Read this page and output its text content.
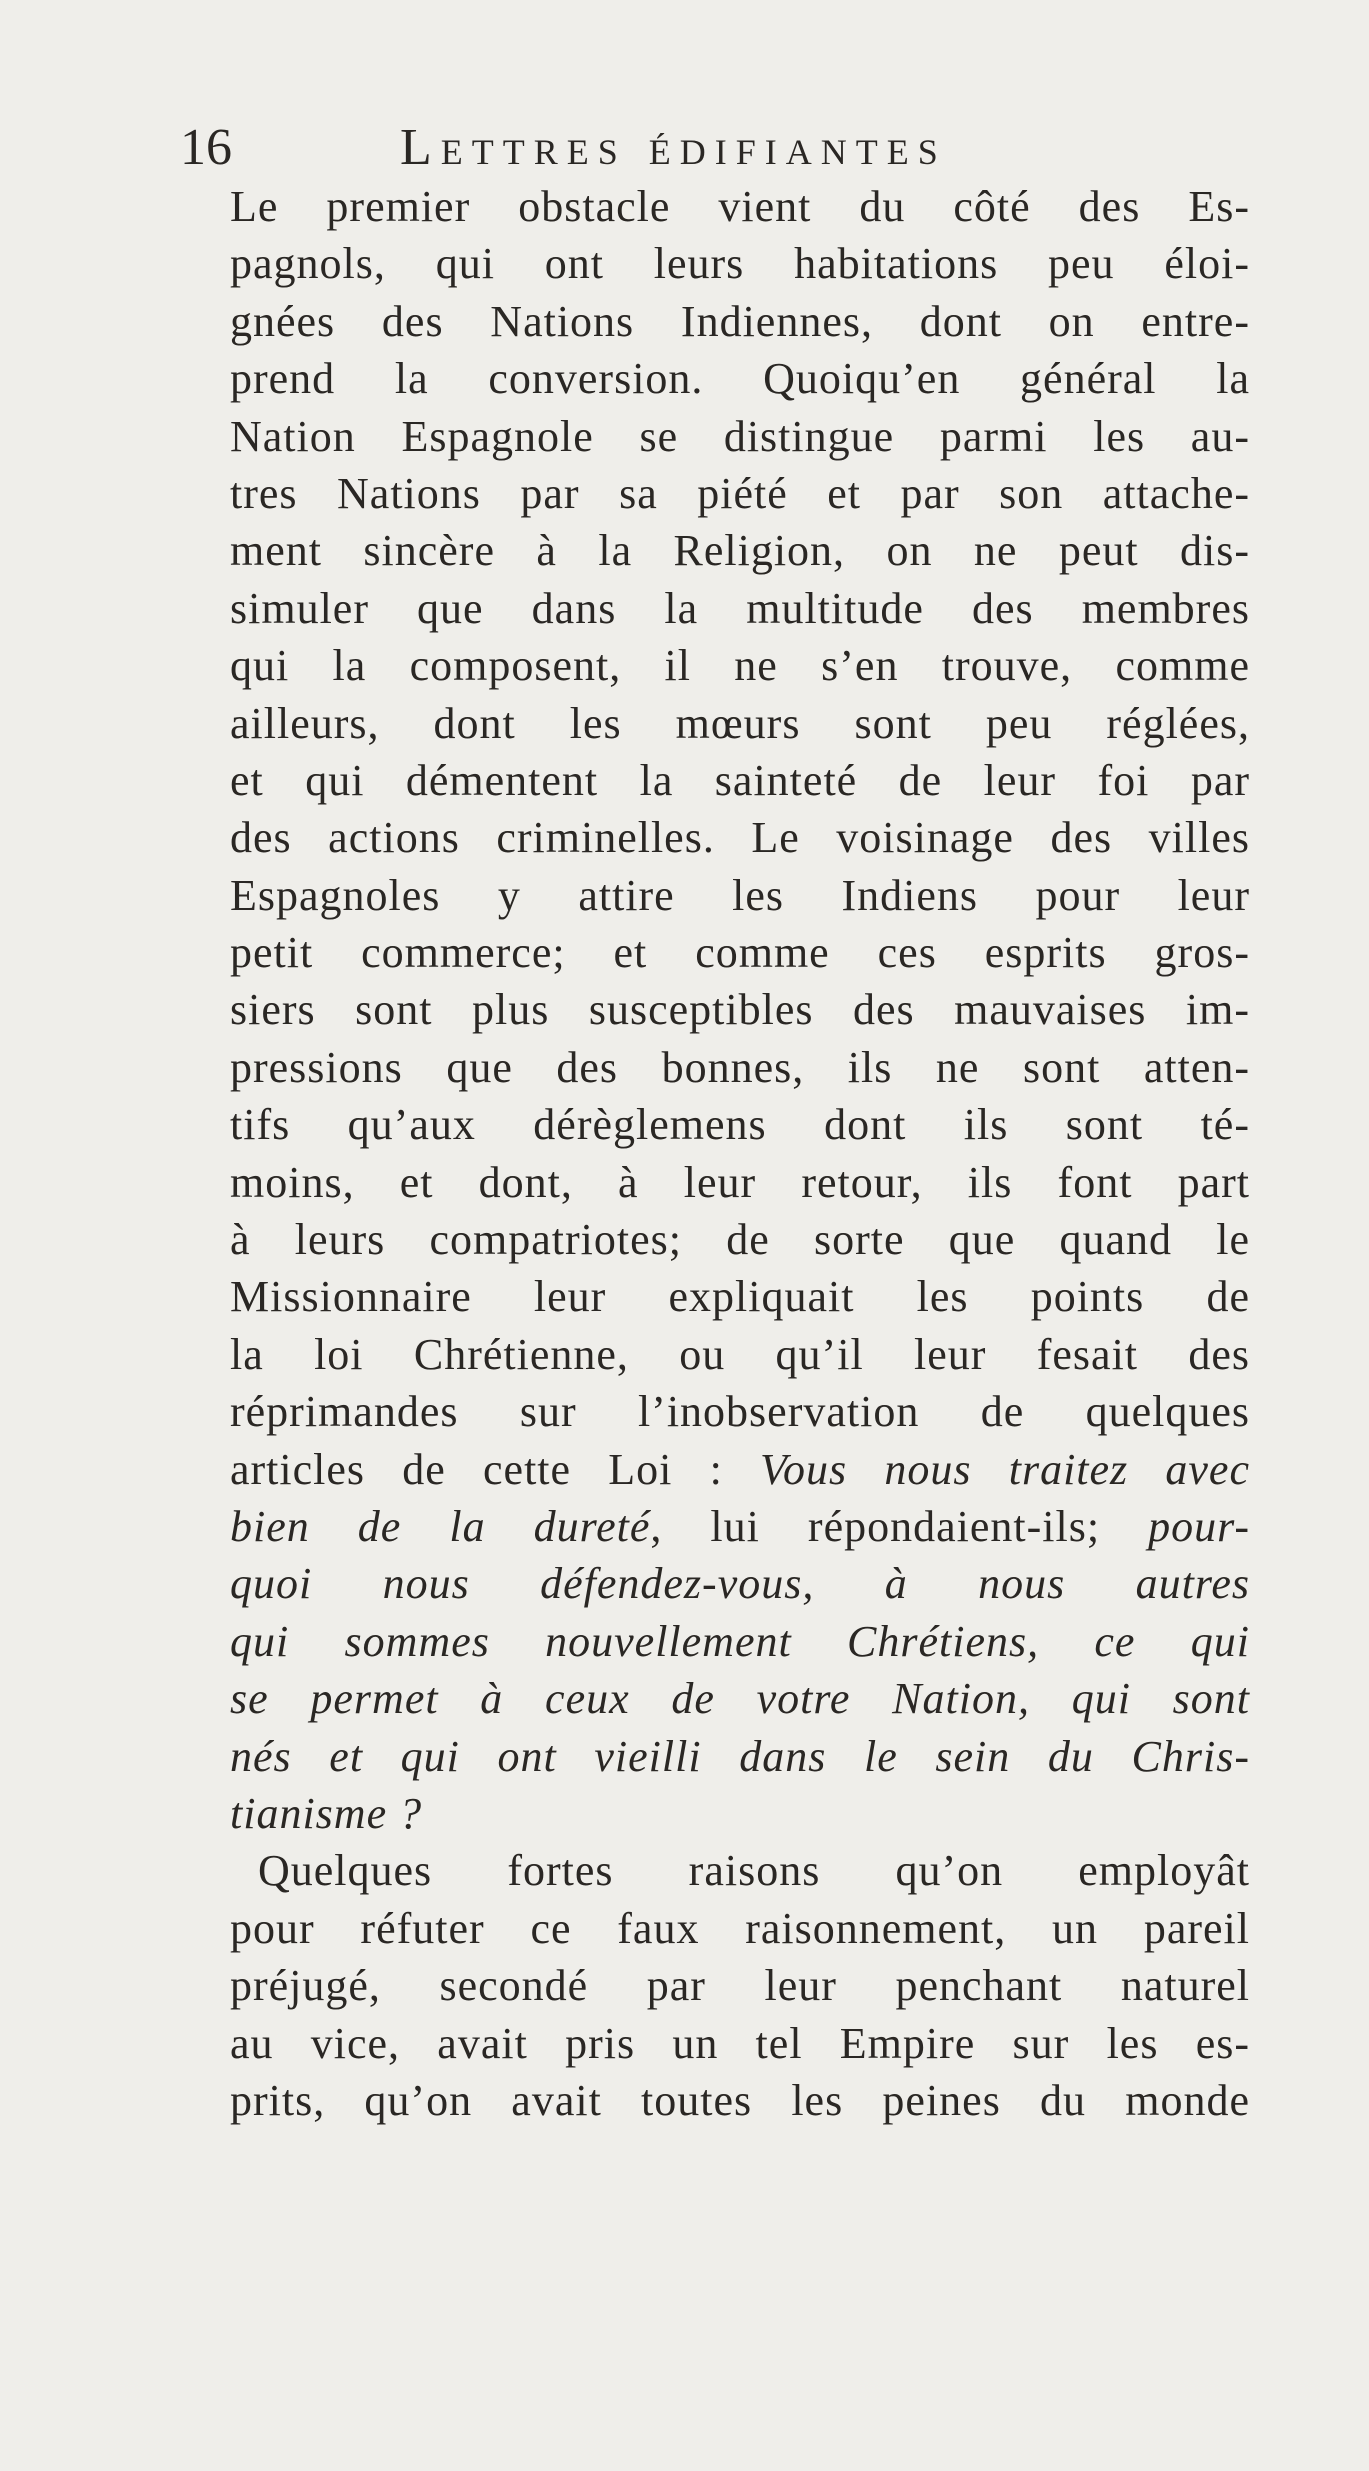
16	Lettres édifiantes
Le premier obstacle vient du côté des Es-
pagnols, qui ont leurs habitations peu éloi-
gnées des Nations Indiennes, dont on entre-
prend la conversion. Quoiqu’en général la
Nation Espagnole se distingue parmi les au-
tres Nations par sa piété et par son attache-
ment sincère à la Religion, on ne peut dis-
simuler que dans la multitude des membres
qui la composent, il ne s’en trouve, comme
ailleurs, dont les mœurs sont peu réglées,
et qui démentent la sainteté de leur foi par
des actions criminelles. Le voisinage des villes
Espagnoles y attire les Indiens pour leur
petit commerce; et comme ces esprits gros-
siers sont plus susceptibles des mauvaises im-
pressions que des bonnes, ils ne sont atten-
tifs qu’aux dérèglemens dont ils sont té-
moins, et dont, à leur retour, ils font part
à leurs compatriotes; de sorte que quand le
Missionnaire leur expliquait les points de
la loi Chrétienne, ou qu’il leur fesait des
réprimandes sur l’inobservation de quelques
articles de cette Loi : Vous nous traitez avec
bien de la dureté, lui répondaient-ils; pour-
quoi nous défendez-vous, à nous autres
qui sommes nouvellement Chrétiens, ce qui
se permet à ceux de votre Nation, qui sont
nés et qui ont vieilli dans le sein du Chris-
tianisme ?
Quelques fortes raisons qu’on employât
pour réfuter ce faux raisonnement, un pareil
préjugé, secondé par leur penchant naturel
au vice, avait pris un tel Empire sur les es-
prits, qu’on avait toutes les peines du monde
